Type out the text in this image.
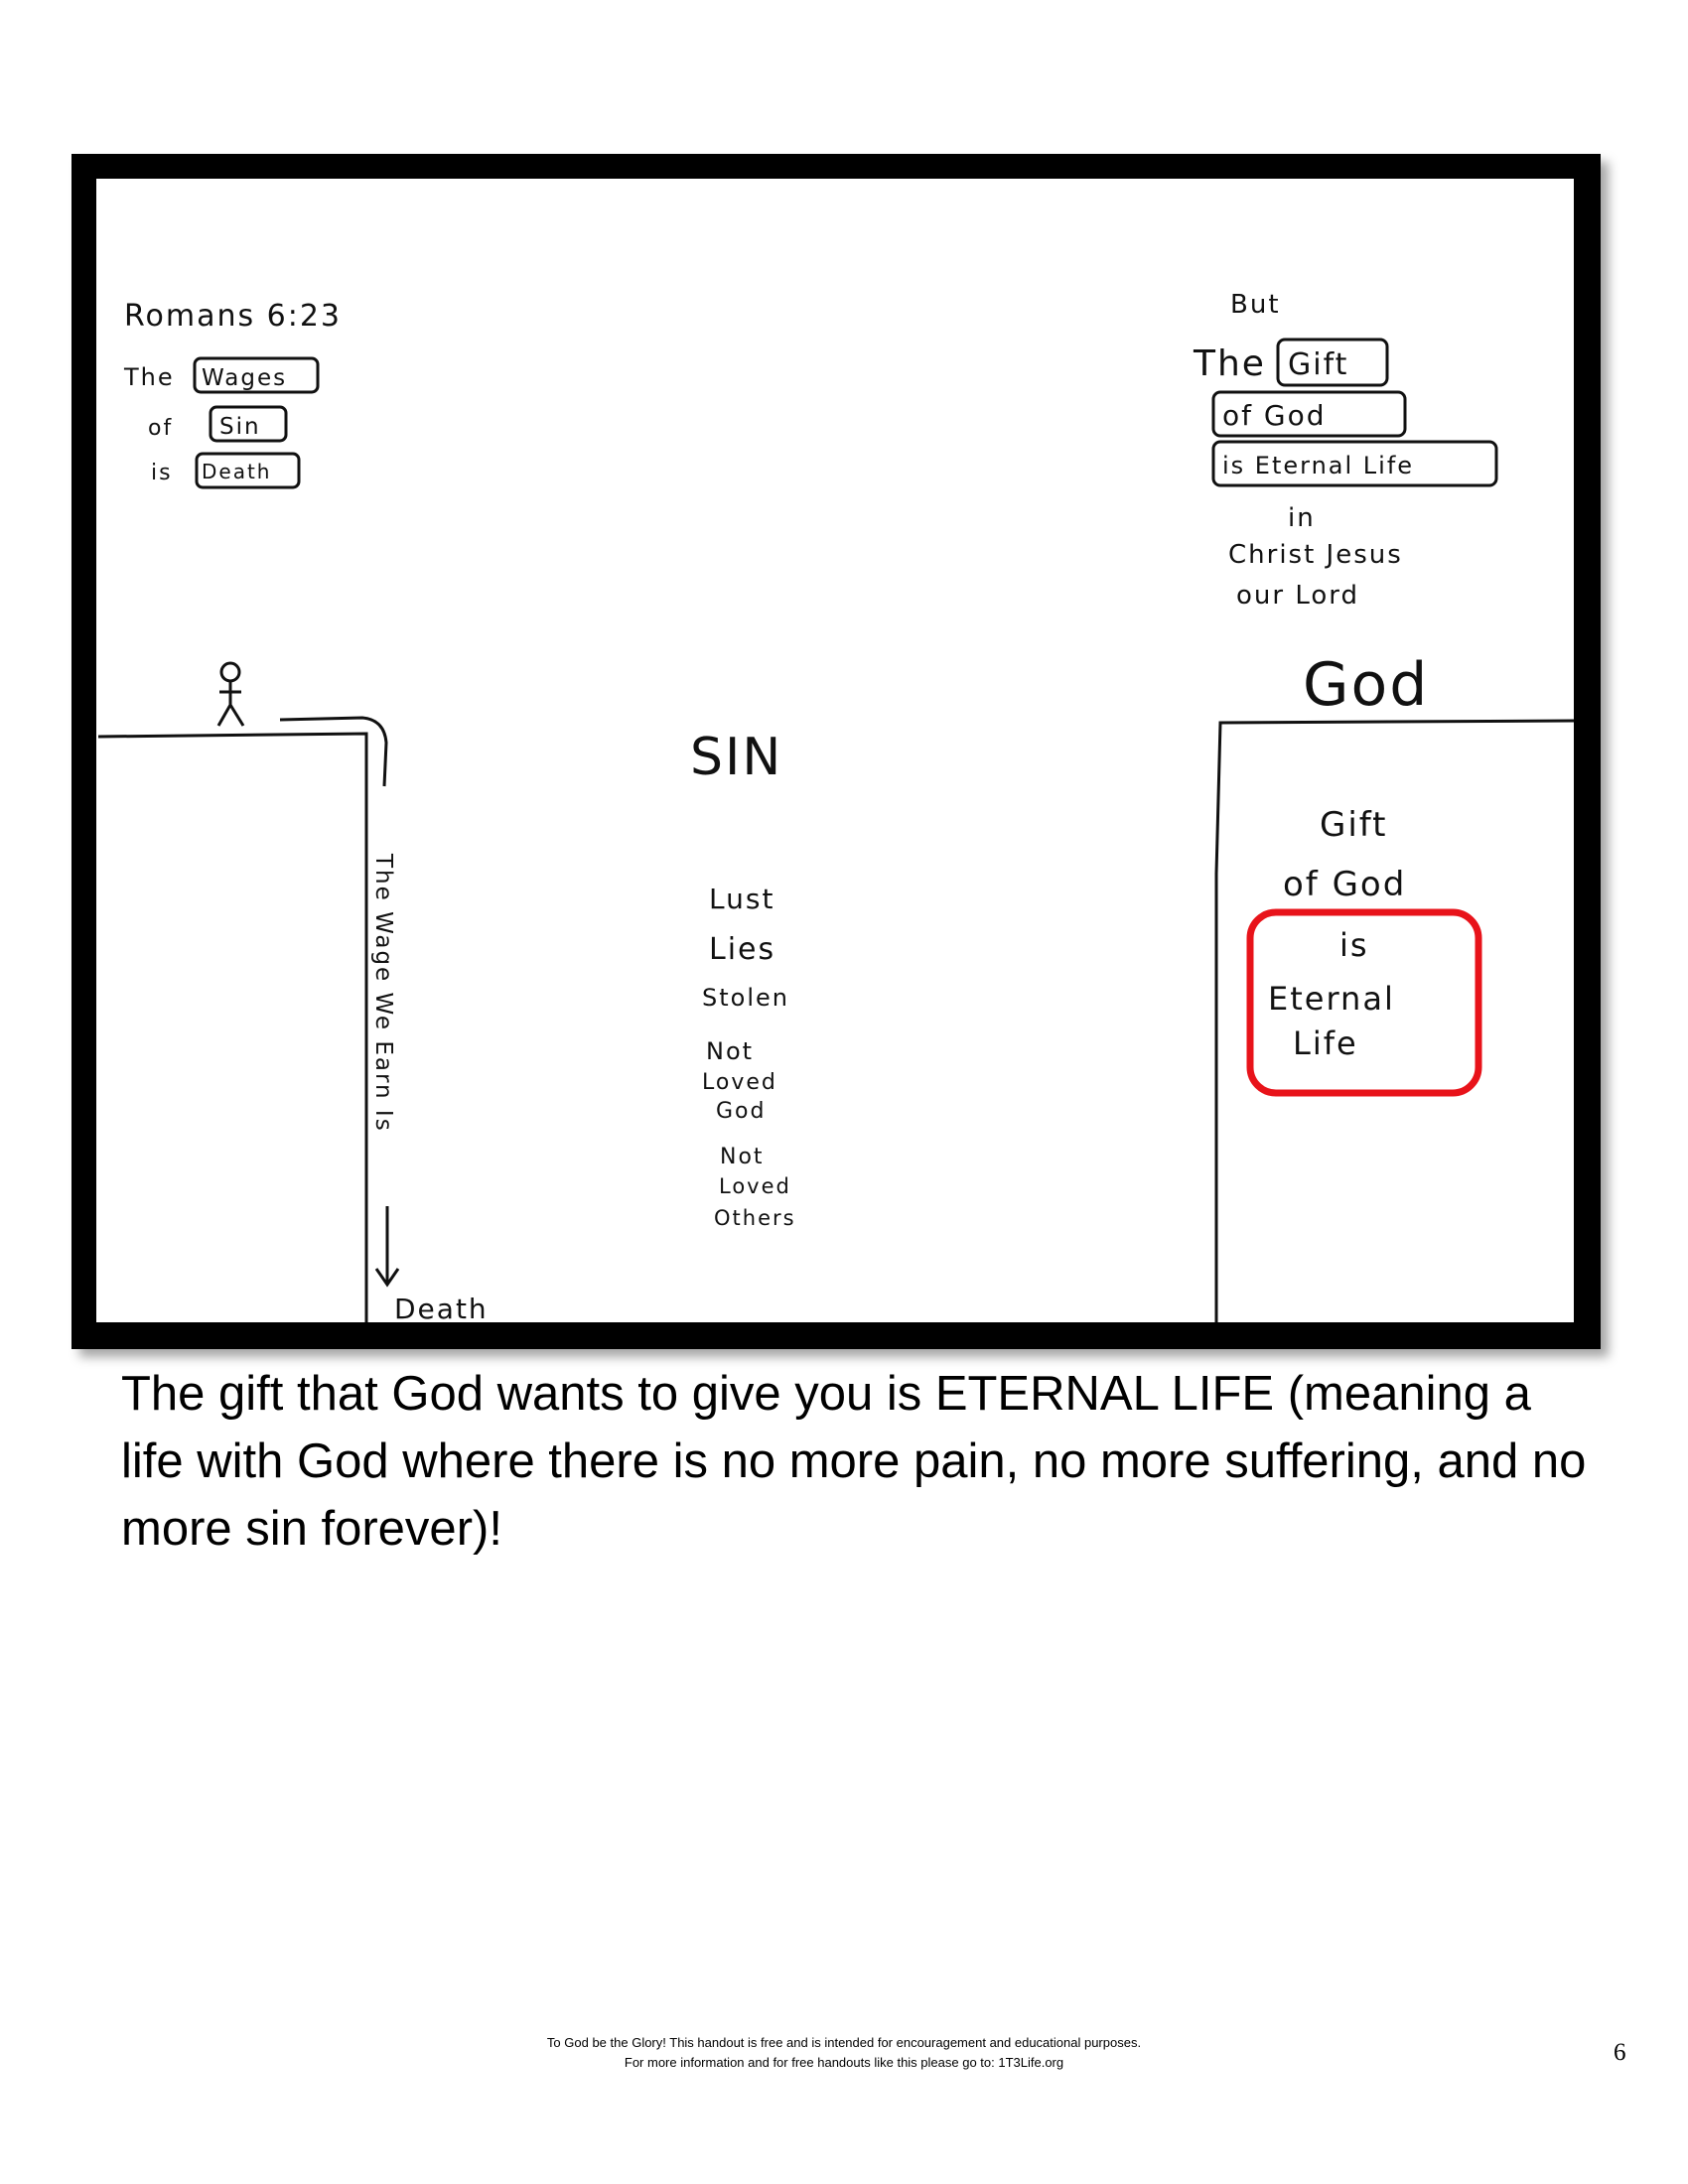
Romans 6:23
The Wages
of Sin
is Death
But
The Gift
of God
is Eternal Life
in
Christ Jesus
our Lord
The Wage We Earn Is
Death
SIN
Lust
Lies
Stolen
Not
Loved
God
Not
Loved
Others
God
Gift
of God
is
Eternal
Life

The gift that God wants to give you is ETERNAL LIFE (meaning a life with God where there is no more pain, no more suffering, and no more sin forever)!

To God be the Glory! This handout is free and is intended for encouragement and educational purposes.
For more information and for free handouts like this please go to: 1T3Life.org	6
